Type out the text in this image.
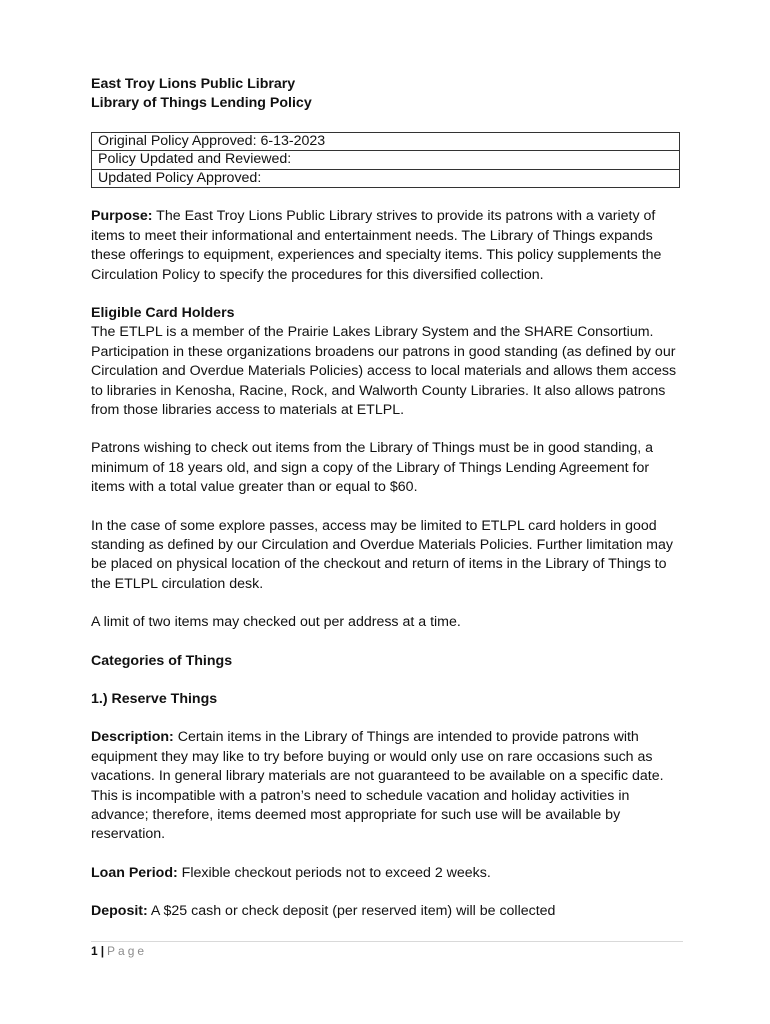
East Troy Lions Public Library
Library of Things Lending Policy
Original Policy Approved: 6-13-2023
Policy Updated and Reviewed:
Updated Policy Approved:

Purpose: The East Troy Lions Public Library strives to provide its patrons with a variety of items to meet their informational and entertainment needs. The Library of Things expands these offerings to equipment, experiences and specialty items. This policy supplements the Circulation Policy to specify the procedures for this diversified collection.

Eligible Card Holders

The ETLPL is a member of the Prairie Lakes Library System and the SHARE Consortium. Participation in these organizations broadens our patrons in good standing (as defined by our Circulation and Overdue Materials Policies) access to local materials and allows them access to libraries in Kenosha, Racine, Rock, and Walworth County Libraries. It also allows patrons from those libraries access to materials at ETLPL.

Patrons wishing to check out items from the Library of Things must be in good standing, a minimum of 18 years old, and sign a copy of the Library of Things Lending Agreement for items with a total value greater than or equal to $60.

In the case of some explore passes, access may be limited to ETLPL card holders in good standing as defined by our Circulation and Overdue Materials Policies. Further limitation may be placed on physical location of the checkout and return of items in the Library of Things to the ETLPL circulation desk.

A limit of two items may checked out per address at a time.

Categories of Things

1.) Reserve Things

Description: Certain items in the Library of Things are intended to provide patrons with equipment they may like to try before buying or would only use on rare occasions such as vacations. In general library materials are not guaranteed to be available on a specific date. This is incompatible with a patron’s need to schedule vacation and holiday activities in advance; therefore, items deemed most appropriate for such use will be available by reservation.

Loan Period: Flexible checkout periods not to exceed 2 weeks.

Deposit: A $25 cash or check deposit (per reserved item) will be collected

1 | Page
